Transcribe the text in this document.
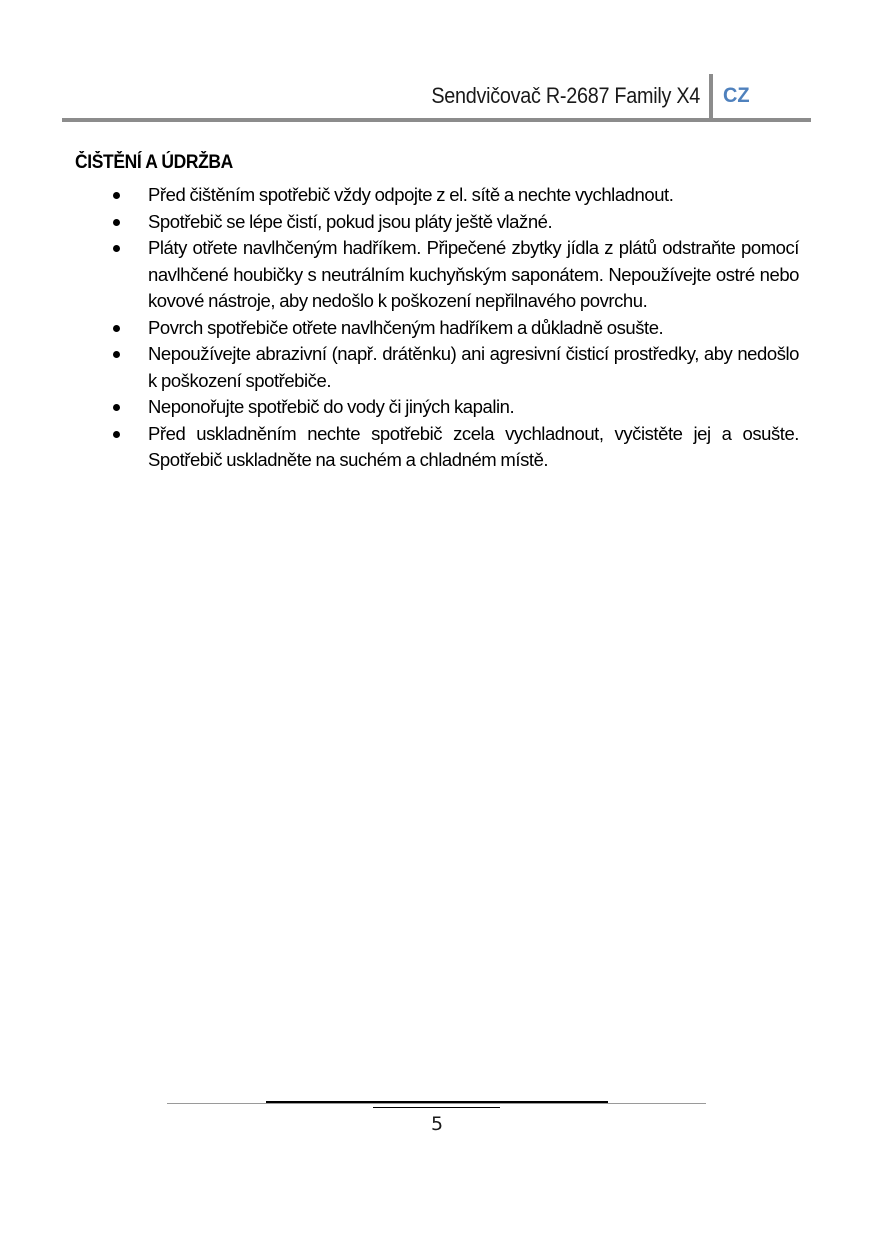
Sendvičovač R-2687 Family X4 CZ
ČIŠTĚNÍ A ÚDRŽBA
Před čištěním spotřebič vždy odpojte z el. sítě a nechte vychladnout.
Spotřebič se lépe čistí, pokud jsou pláty ještě vlažné.
Pláty otřete navlhčeným hadříkem. Připečené zbytky jídla z plátů odstraňte pomocí navlhčené houbičky s neutrálním kuchyňským saponátem. Nepoužívejte ostré nebo kovové nástroje, aby nedošlo k poškození nepřilnavého povrchu.
Povrch spotřebiče otřete navlhčeným hadříkem a důkladně osušte.
Nepoužívejte abrazivní (např. drátěnku) ani agresivní čisticí prostředky, aby nedošlo k poškození spotřebiče.
Neponořujte spotřebič do vody či jiných kapalin.
Před uskladněním nechte spotřebič zcela vychladnout, vyčistěte jej a osušte. Spotřebič uskladněte na suchém a chladném místě.
5
